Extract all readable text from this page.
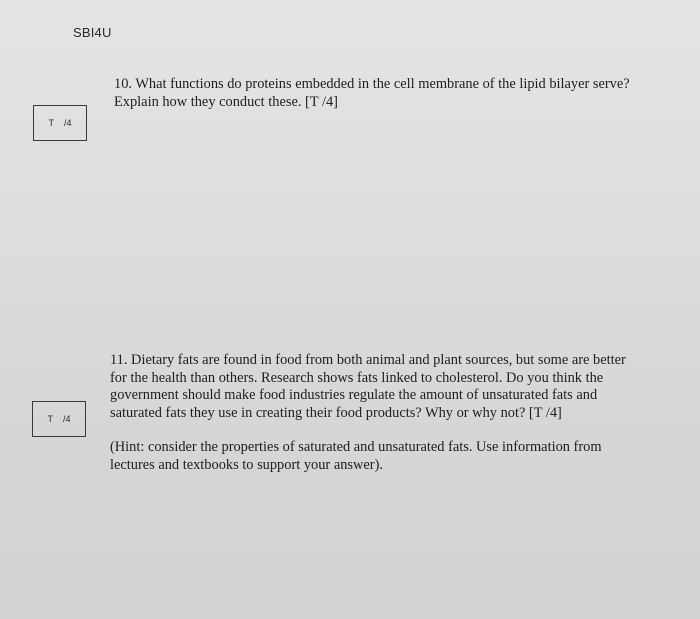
SBI4U
T /4
10. What functions do proteins embedded in the cell membrane of the lipid bilayer serve?
Explain how they conduct these. [T /4]
T /4
11. Dietary fats are found in food from both animal and plant sources, but some are better
for the health than others. Research shows fats linked to cholesterol. Do you think the
government should make food industries regulate the amount of unsaturated fats and
saturated fats they use in creating their food products? Why or why not? [T /4]
(Hint: consider the properties of saturated and unsaturated fats. Use information from
lectures and textbooks to support your answer).
